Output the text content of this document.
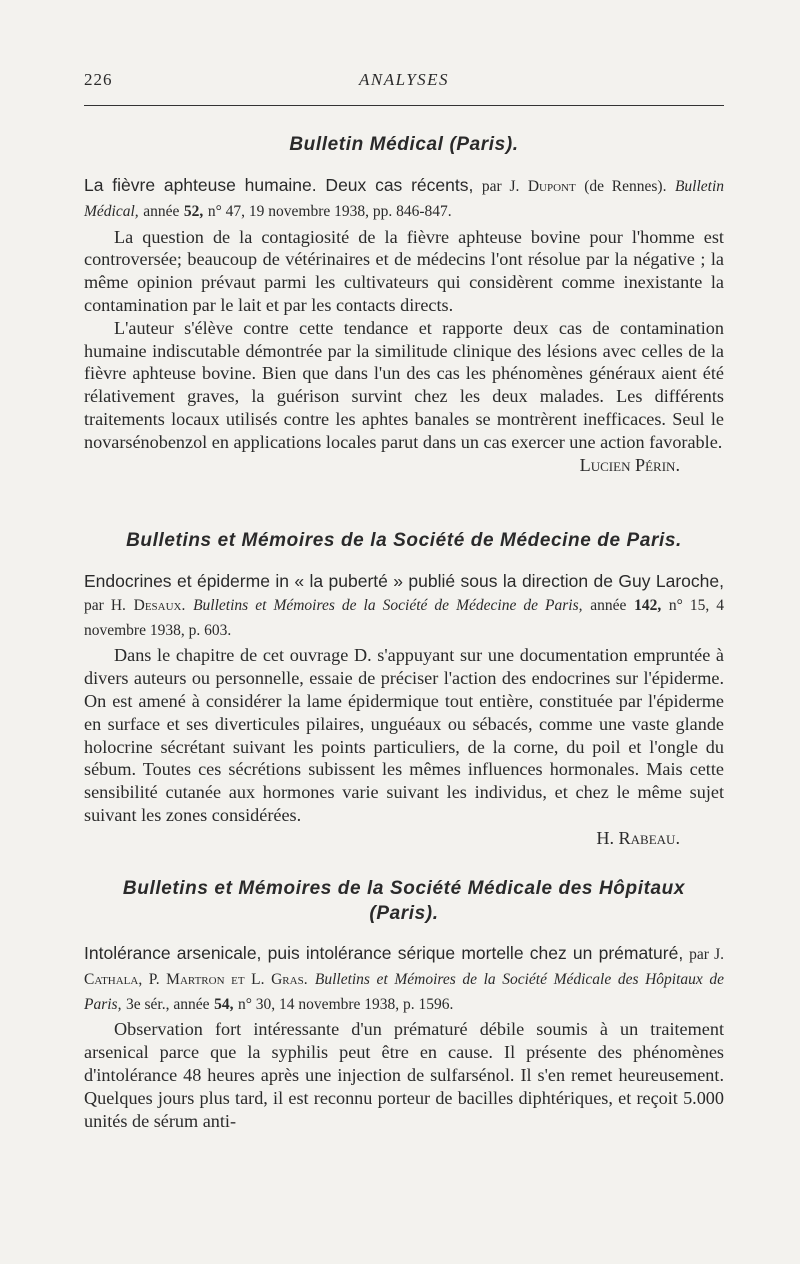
226	ANALYSES
Bulletin Médical (Paris).

La fièvre aphteuse humaine. Deux cas récents, par J. Dupont (de Rennes). Bulletin Médical, année 52, n° 47, 19 novembre 1938, pp. 846-847.

La question de la contagiosité de la fièvre aphteuse bovine pour l'homme est controversée; beaucoup de vétérinaires et de médecins l'ont résolue par la négative ; la même opinion prévaut parmi les cultivateurs qui considèrent comme inexistante la contamination par le lait et par les contacts directs.

L'auteur s'élève contre cette tendance et rapporte deux cas de contamination humaine indiscutable démontrée par la similitude clinique des lésions avec celles de la fièvre aphteuse bovine. Bien que dans l'un des cas les phénomènes généraux aient été rélativement graves, la guérison survint chez les deux malades. Les différents traitements locaux utilisés contre les aphtes banales se montrèrent inefficaces. Seul le novarsénobenzol en applications locales parut dans un cas exercer une action favorable.

Lucien Périn.

Bulletins et Mémoires de la Société de Médecine de Paris.

Endocrines et épiderme in « la puberté » publié sous la direction de Guy Laroche, par H. Desaux. Bulletins et Mémoires de la Société de Médecine de Paris, année 142, n° 15, 4 novembre 1938, p. 603.

Dans le chapitre de cet ouvrage D. s'appuyant sur une documentation empruntée à divers auteurs ou personnelle, essaie de préciser l'action des endocrines sur l'épiderme. On est amené à considérer la lame épidermique tout entière, constituée par l'épiderme en surface et ses diverticules pilaires, unguéaux ou sébacés, comme une vaste glande holocrine sécrétant suivant les points particuliers, de la corne, du poil et l'ongle du sébum. Toutes ces sécrétions subissent les mêmes influences hormonales. Mais cette sensibilité cutanée aux hormones varie suivant les individus, et chez le même sujet suivant les zones considérées.

H. Rabeau.

Bulletins et Mémoires de la Société Médicale des Hôpitaux
(Paris).

Intolérance arsenicale, puis intolérance sérique mortelle chez un prématuré, par J. Cathala, P. Martron et L. Gras. Bulletins et Mémoires de la Société Médicale des Hôpitaux de Paris, 3e sér., année 54, n° 30, 14 novembre 1938, p. 1596.

Observation fort intéressante d'un prématuré débile soumis à un traitement arsenical parce que la syphilis peut être en cause. Il présente des phénomènes d'intolérance 48 heures après une injection de sulfarsénol. Il s'en remet heureusement. Quelques jours plus tard, il est reconnu porteur de bacilles diphtériques, et reçoit 5.000 unités de sérum anti-
